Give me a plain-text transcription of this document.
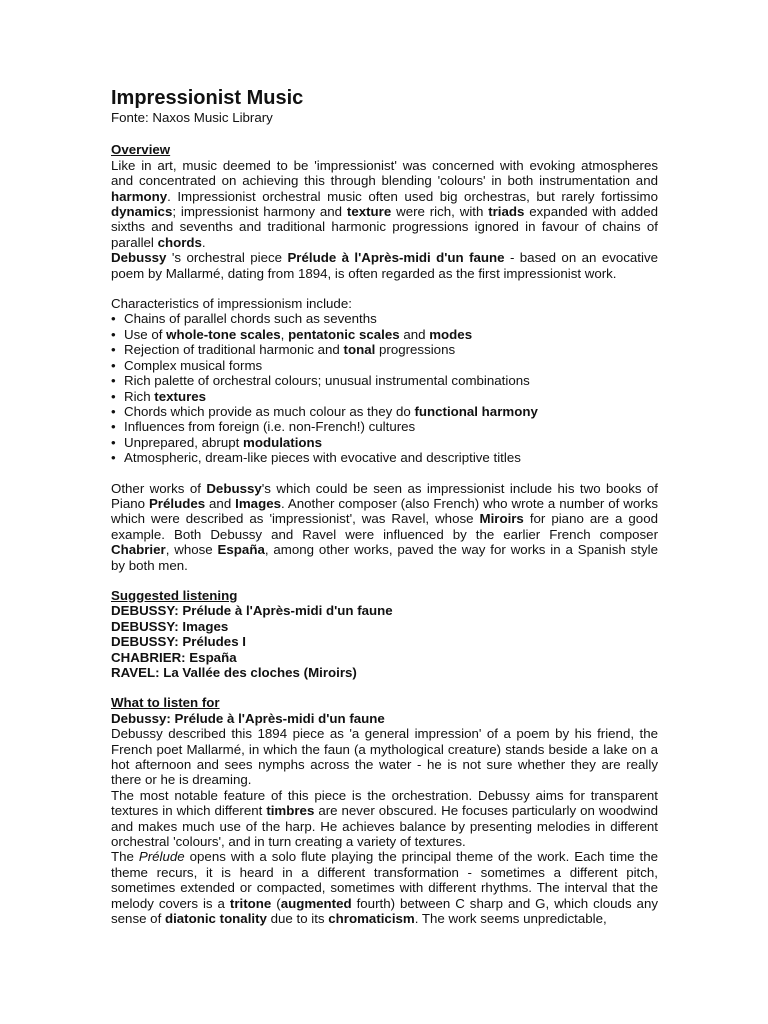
Impressionist Music
Fonte: Naxos Music Library
Overview

Like in art, music deemed to be 'impressionist' was concerned with evoking atmospheres and concentrated on achieving this through blending 'colours' in both instrumentation and harmony. Impressionist orchestral music often used big orchestras, but rarely fortissimo dynamics; impressionist harmony and texture were rich, with triads expanded with added sixths and sevenths and traditional harmonic progressions ignored in favour of chains of parallel chords.

Debussy 's orchestral piece Prélude à l'Après-midi d'un faune - based on an evocative poem by Mallarmé, dating from 1894, is often regarded as the first impressionist work.

Characteristics of impressionism include:
• Chains of parallel chords such as sevenths
• Use of whole-tone scales, pentatonic scales and modes
• Rejection of traditional harmonic and tonal progressions
• Complex musical forms
• Rich palette of orchestral colours; unusual instrumental combinations
• Rich textures
• Chords which provide as much colour as they do functional harmony
• Influences from foreign (i.e. non-French!) cultures
• Unprepared, abrupt modulations
• Atmospheric, dream-like pieces with evocative and descriptive titles

Other works of Debussy's which could be seen as impressionist include his two books of Piano Préludes and Images. Another composer (also French) who wrote a number of works which were described as 'impressionist', was Ravel, whose Miroirs for piano are a good example. Both Debussy and Ravel were influenced by the earlier French composer Chabrier, whose España, among other works, paved the way for works in a Spanish style by both men.

Suggested listening
DEBUSSY: Prélude à l'Après-midi d'un faune
DEBUSSY: Images
DEBUSSY: Préludes I
CHABRIER: España
RAVEL: La Vallée des cloches (Miroirs)
What to listen for
Debussy: Prélude à l'Après-midi d'un faune

Debussy described this 1894 piece as 'a general impression' of a poem by his friend, the French poet Mallarmé, in which the faun (a mythological creature) stands beside a lake on a hot afternoon and sees nymphs across the water - he is not sure whether they are really there or he is dreaming.

The most notable feature of this piece is the orchestration. Debussy aims for transparent textures in which different timbres are never obscured. He focuses particularly on woodwind and makes much use of the harp. He achieves balance by presenting melodies in different orchestral 'colours', and in turn creating a variety of textures.

The Prélude opens with a solo flute playing the principal theme of the work. Each time the theme recurs, it is heard in a different transformation - sometimes a different pitch, sometimes extended or compacted, sometimes with different rhythms. The interval that the melody covers is a tritone (augmented fourth) between C sharp and G, which clouds any sense of diatonic tonality due to its chromaticism. The work seems unpredictable,
